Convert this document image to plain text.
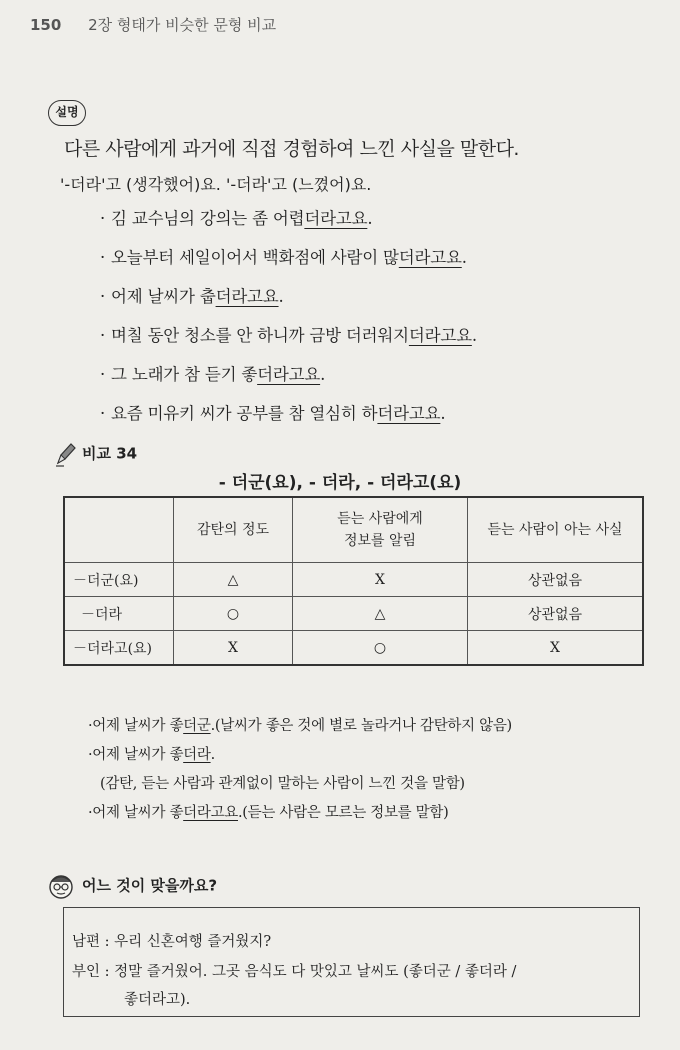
150 2장 형태가 비슷한 문형 비교
설명
다른 사람에게 과거에 직접 경험하여 느낀 사실을 말한다.
'-더라'고 (생각했어)요. '-더라'고 (느꼈어)요.
· 김 교수님의 강의는 좀 어렵더라고요.
· 오늘부터 세일이어서 백화점에 사람이 많더라고요.
· 어제 날씨가 춥더라고요.
· 며칠 동안 청소를 안 하니까 금방 더러워지더라고요.
· 그 노래가 참 듣기 좋더라고요.
· 요즘 미유키 씨가 공부를 참 열심히 하더라고요.
비교 34
- 더군(요), - 더라, - 더라고(요)
	감탄의 정도	듣는 사람에게
정보를 알림	듣는 사람이 아는 사실
－더군(요)	△	X	상관없음
－더라	○	△	상관없음
－더라고(요)	X	○	X
·어제 날씨가 좋더군.(날씨가 좋은 것에 별로 놀라거나 감탄하지 않음)
·어제 날씨가 좋더라.
(감탄, 듣는 사람과 관계없이 말하는 사람이 느낀 것을 말함)
·어제 날씨가 좋더라고요.(듣는 사람은 모르는 정보를 말함)
어느 것이 맞을까요?
남편 : 우리 신혼여행 즐거웠지?
부인 : 정말 즐거웠어. 그곳 음식도 다 맛있고 날씨도 (좋더군 / 좋더라 /
좋더라고).
